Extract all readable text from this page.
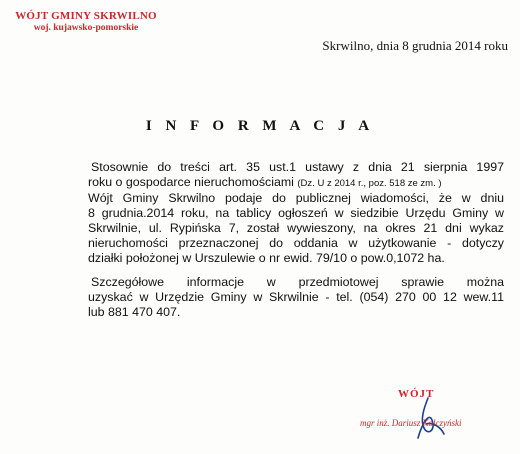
WÓJT GMINY SKRWILNO
woj. kujawsko-pomorskie
Skrwilno, dnia 8 grudnia 2014 roku
I N F O R M A C J A

Stosownie do treści art. 35 ust.1 ustawy z dnia 21 sierpnia 1997
roku o gospodarce nieruchomościami (Dz. U z 2014 r., poz. 518 ze zm. )

Wójt Gminy Skrwilno podaje do publicznej wiadomości, że w dniu
8 grudnia.2014 roku, na tablicy ogłoszeń w siedzibie Urzędu Gminy w
Skrwilnie, ul. Rypińska 7, został wywieszony, na okres 21 dni wykaz
nieruchomości przeznaczonej do oddania w użytkowanie - dotyczy
działki położonej w Urszulewie o nr ewid. 79/10 o pow.0,1072 ha.

Szczegółowe informacje w przedmiotowej sprawie można
uzyskać w Urzędzie Gminy w Skrwilnie - tel. (054) 270 00 12 wew.11
lub 881 470 407.

WÓJT
mgr inż. Dariusz Kolczyński
